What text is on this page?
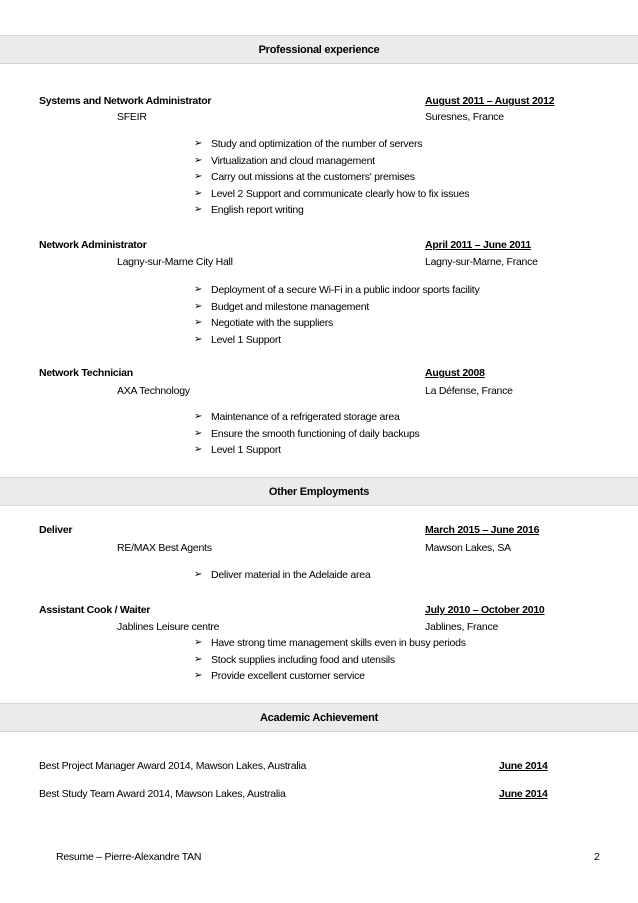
Professional experience
Systems and Network Administrator	August 2011 – August 2012
SFEIR	Suresnes, France
➢ Study and optimization of the number of servers
➢ Virtualization and cloud management
➢ Carry out missions at the customers' premises
➢ Level 2 Support and communicate clearly how to fix issues
➢ English report writing
Network Administrator	April 2011 – June 2011
Lagny-sur-Marne City Hall	Lagny-sur-Marne, France
➢ Deployment of a secure Wi-Fi in a public indoor sports facility
➢ Budget and milestone management
➢ Negotiate with the suppliers
➢ Level 1 Support
Network Technician	August 2008
AXA Technology	La Défense, France
➢ Maintenance of a refrigerated storage area
➢ Ensure the smooth functioning of daily backups
➢ Level 1 Support
Other Employments
Deliver	March 2015 – June 2016
RE/MAX Best Agents	Mawson Lakes, SA
➢ Deliver material in the Adelaide area
Assistant Cook / Waiter	July 2010 – October 2010
Jablines Leisure centre	Jablines, France
➢ Have strong time management skills even in busy periods
➢ Stock supplies including food and utensils
➢ Provide excellent customer service
Academic Achievement
Best Project Manager Award 2014, Mawson Lakes, Australia	June 2014
Best Study Team Award 2014, Mawson Lakes, Australia	June 2014
Resume – Pierre-Alexandre TAN	2
